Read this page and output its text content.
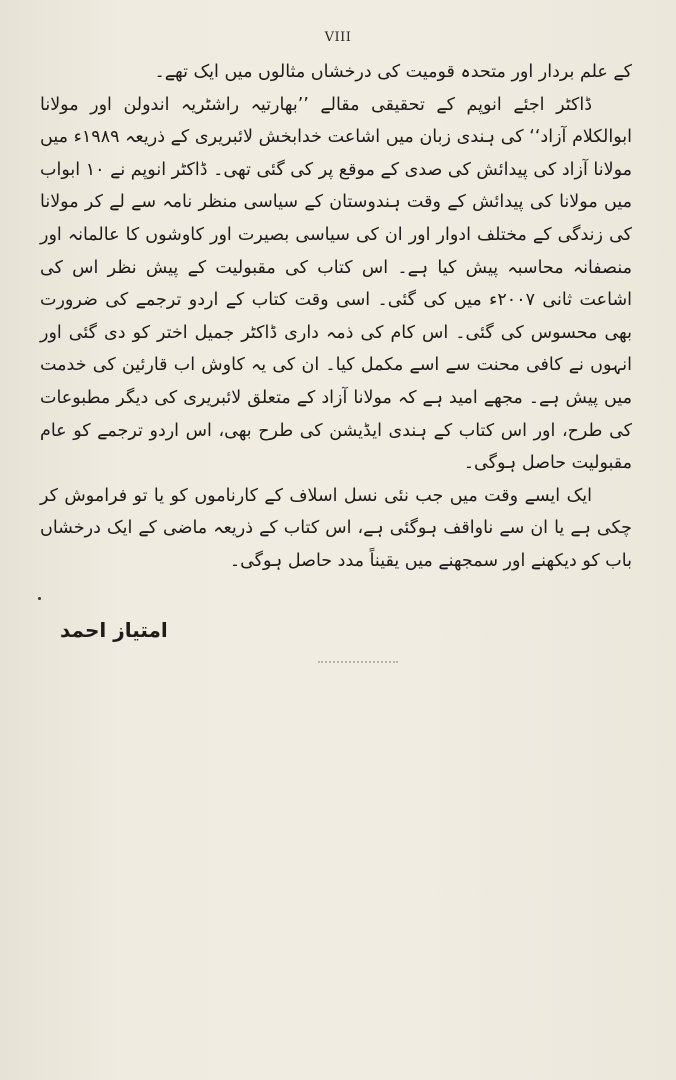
VIII

کے علم بردار اور متحدہ قومیت کی درخشاں مثالوں میں ایک تھے۔

ڈاکٹر اجئے انوپم کے تحقیقی مقالے ’’بھارتیہ راشٹریہ اندولن اور مولانا ابوالکلام آزاد‘‘ کی ہندی زبان میں اشاعت خدابخش لائبریری کے ذریعہ ۱۹۸۹ء میں مولانا آزاد کی پیدائش کی صدی کے موقع پر کی گئی تھی۔ ڈاکٹر انوپم نے ۱۰ ابواب میں مولانا کی پیدائش کے وقت ہندوستان کے سیاسی منظر نامہ سے لے کر مولانا کی زندگی کے مختلف ادوار اور ان کی سیاسی بصیرت اور کاوشوں کا عالمانہ اور منصفانہ محاسبہ پیش کیا ہے۔ اس کتاب کی مقبولیت کے پیش نظر اس کی اشاعت ثانی ۲۰۰۷ء میں کی گئی۔ اسی وقت کتاب کے اردو ترجمے کی ضرورت بھی محسوس کی گئی۔ اس کام کی ذمہ داری ڈاکٹر جمیل اختر کو دی گئی اور انہوں نے کافی محنت سے اسے مکمل کیا۔ ان کی یہ کاوش اب قارئین کی خدمت میں پیش ہے۔ مجھے امید ہے کہ مولانا آزاد کے متعلق لائبریری کی دیگر مطبوعات کی طرح، اور اس کتاب کے ہندی ایڈیشن کی طرح بھی، اس اردو ترجمے کو عام مقبولیت حاصل ہوگی۔

ایک ایسے وقت میں جب نئی نسل اسلاف کے کارناموں کو یا تو فراموش کر چکی ہے یا ان سے ناواقف ہوگئی ہے، اس کتاب کے ذریعہ ماضی کے ایک درخشاں باب کو دیکھنے اور سمجھنے میں یقیناً مدد حاصل ہوگی۔

امتیاز احمد
